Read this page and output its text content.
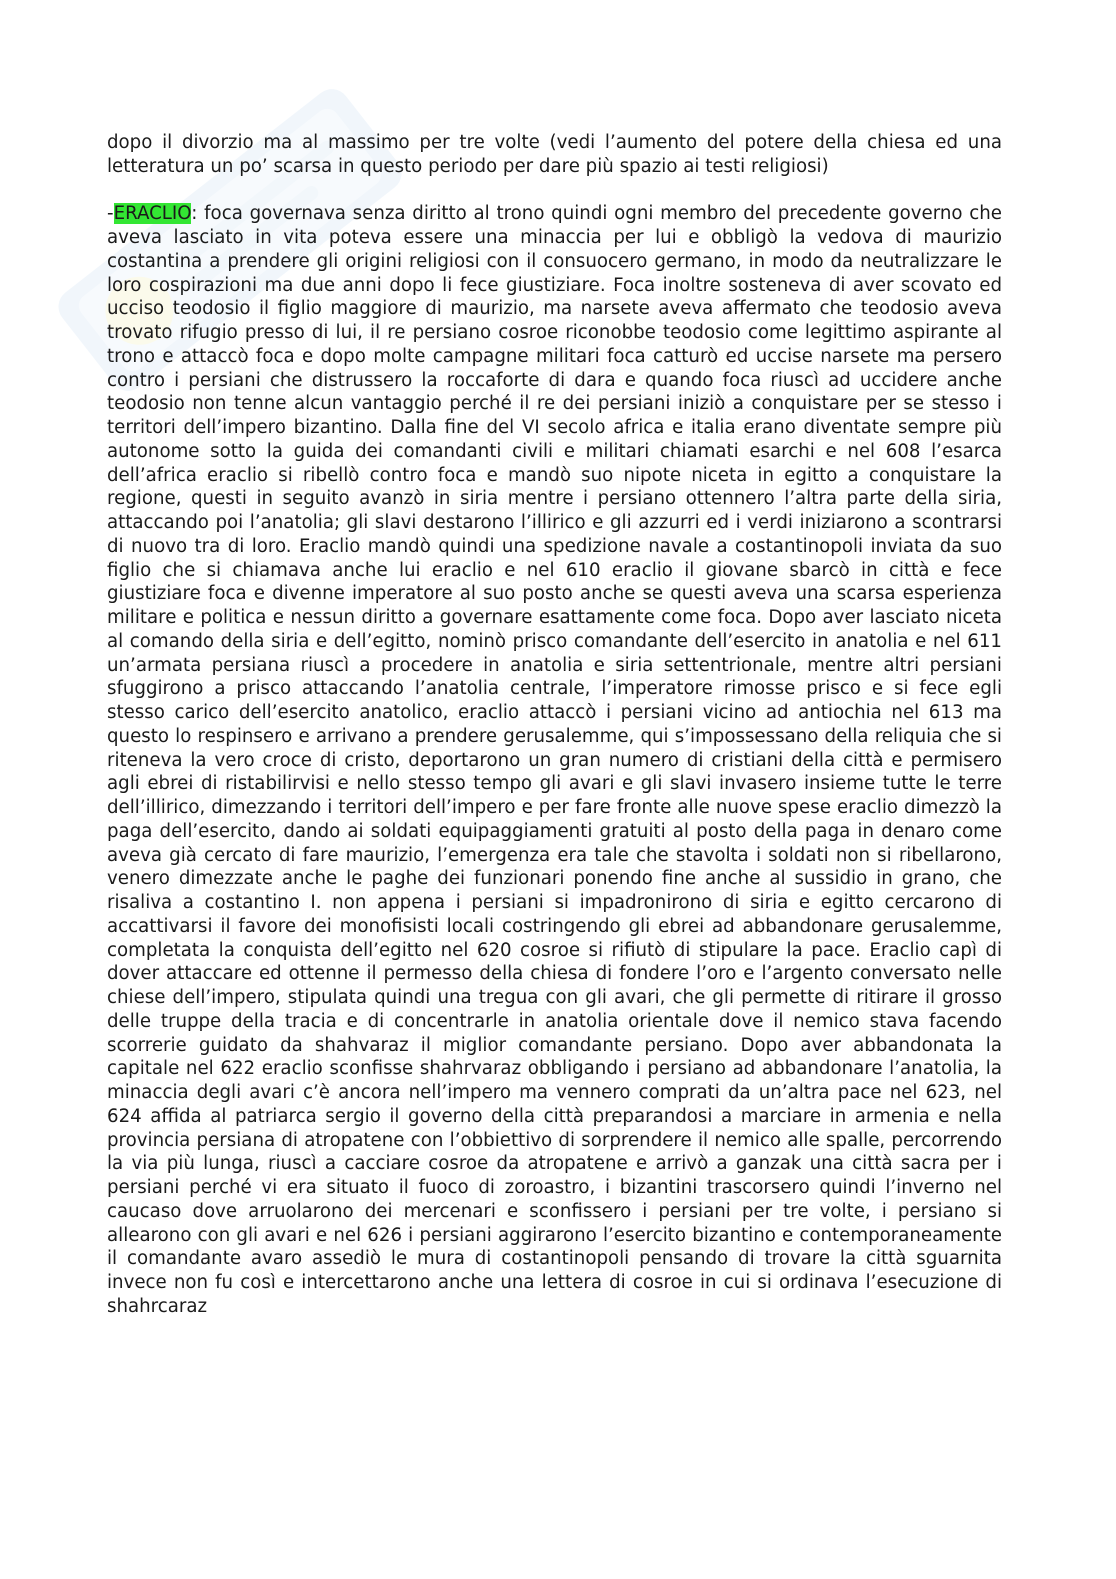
dopo il divorzio ma al massimo per tre volte (vedi l’aumento del potere della chiesa ed una letteratura un po’ scarsa in questo periodo per dare più spazio ai testi religiosi)

-ERACLIO: foca governava senza diritto al trono quindi ogni membro del precedente governo che aveva lasciato in vita poteva essere una minaccia per lui e obbligò la vedova di maurizio costantina a prendere gli origini religiosi con il consuocero germano, in modo da neutralizzare le loro cospirazioni ma due anni dopo li fece giustiziare. Foca inoltre sosteneva di aver scovato ed ucciso teodosio il figlio maggiore di maurizio, ma narsete aveva affermato che teodosio aveva trovato rifugio presso di lui, il re persiano cosroe riconobbe teodosio come legittimo aspirante al trono e attaccò foca e dopo molte campagne militari foca catturò ed uccise narsete ma persero contro i persiani che distrussero la roccaforte di dara e quando foca riuscì ad uccidere anche teodosio non tenne alcun vantaggio perché il re dei persiani iniziò a conquistare per se stesso i territori dell’impero bizantino. Dalla fine del VI secolo africa e italia erano diventate sempre più autonome sotto la guida dei comandanti civili e militari chiamati esarchi e nel 608 l’esarca dell’africa eraclio si ribellò contro foca e mandò suo nipote niceta in egitto a conquistare la regione, questi in seguito avanzò in siria mentre i persiano ottennero l’altra parte della siria, attaccando poi l’anatolia; gli slavi destarono l’illirico e gli azzurri ed i verdi iniziarono a scontrarsi di nuovo tra di loro. Eraclio mandò quindi una spedizione navale a costantinopoli inviata da suo figlio che si chiamava anche lui eraclio e nel 610 eraclio il giovane sbarcò in città e fece giustiziare foca e divenne imperatore al suo posto anche se questi aveva una scarsa esperienza militare e politica e nessun diritto a governare esattamente come foca. Dopo aver lasciato niceta al comando della siria e dell’egitto, nominò prisco comandante dell’esercito in anatolia e nel 611 un’armata persiana riuscì a procedere in anatolia e siria settentrionale, mentre altri persiani sfuggirono a prisco attaccando l’anatolia centrale, l’imperatore rimosse prisco e si fece egli stesso carico dell’esercito anatolico, eraclio attaccò i persiani vicino ad antiochia nel 613 ma questo lo respinsero e arrivano a prendere gerusalemme, qui s’impossessano della reliquia che si riteneva la vero croce di cristo, deportarono un gran numero di cristiani della città e permisero agli ebrei di ristabilirvisi e nello stesso tempo gli avari e gli slavi invasero insieme tutte le terre dell’illirico, dimezzando i territori dell’impero e per fare fronte alle nuove spese eraclio dimezzò la paga dell’esercito, dando ai soldati equipaggiamenti gratuiti al posto della paga in denaro come aveva già cercato di fare maurizio, l’emergenza era tale che stavolta i soldati non si ribellarono, venero dimezzate anche le paghe dei funzionari ponendo fine anche al sussidio in grano, che risaliva a costantino I. non appena i persiani si impadronirono di siria e egitto cercarono di accattivarsi il favore dei monofisisti locali costringendo gli ebrei ad abbandonare gerusalemme, completata la conquista dell’egitto nel 620 cosroe si rifiutò di stipulare la pace. Eraclio capì di dover attaccare ed ottenne il permesso della chiesa di fondere l’oro e l’argento conversato nelle chiese dell’impero, stipulata quindi una tregua con gli avari, che gli permette di ritirare il grosso delle truppe della tracia e di concentrarle in anatolia orientale dove il nemico stava facendo scorrerie guidato da shahvaraz il miglior comandante persiano. Dopo aver abbandonata la capitale nel 622 eraclio sconfisse shahrvaraz obbligando i persiano ad abbandonare l’anatolia, la minaccia degli avari c’è ancora nell’impero ma vennero comprati da un’altra pace nel 623, nel 624 affida al patriarca sergio il governo della città preparandosi a marciare in armenia e nella provincia persiana di atropatene con l’obbiettivo di sorprendere il nemico alle spalle, percorrendo la via più lunga, riuscì a cacciare cosroe da atropatene e arrivò a ganzak una città sacra per i persiani perché vi era situato il fuoco di zoroastro, i bizantini trascorsero quindi l’inverno nel caucaso dove arruolarono dei mercenari e sconfissero i persiani per tre volte, i persiano si allearono con gli avari e nel 626 i persiani aggirarono l’esercito bizantino e contemporaneamente il comandante avaro assediò le mura di costantinopoli pensando di trovare la città sguarnita invece non fu così e intercettarono anche una lettera di cosroe in cui si ordinava l’esecuzione di shahrcaraz
